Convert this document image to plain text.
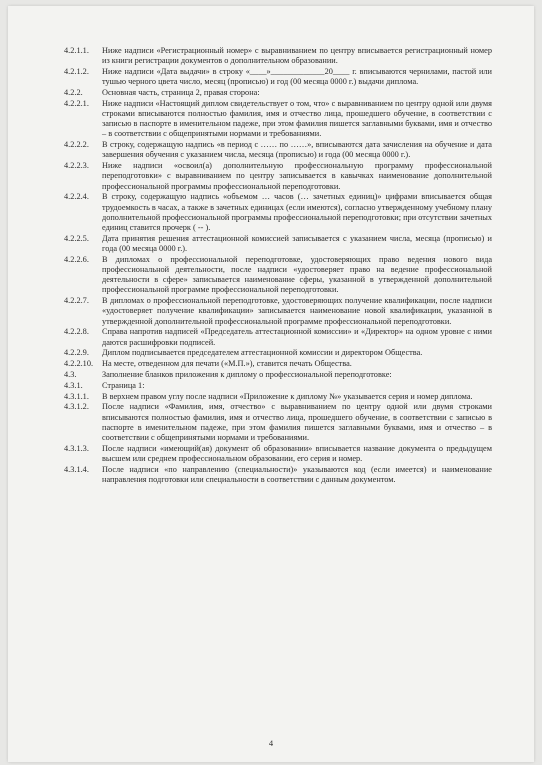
4.2.1.1.	Ниже надписи «Регистрационный номер» с выравниванием по центру вписывается регистрационный номер из книги регистрации документов о дополнительном образовании.
4.2.1.2.	Ниже надписи «Дата выдачи» в строку «____»_____________20____ г. вписываются чернилами, пастой или тушью черного цвета число, месяц (прописью) и год (00 месяца 0000 г.) выдачи диплома.
4.2.2.	Основная часть, страница 2, правая сторона:
4.2.2.1.	Ниже надписи «Настоящий диплом свидетельствует о том, что» с выравниванием по центру одной или двумя строками вписываются полностью фамилия, имя и отчество лица, прошедшего обучение, в соответствии с записью в паспорте в именительном падеже, при этом фамилия пишется заглавными буквами, имя и отчество – в соответствии с общепринятыми нормами и требованиями.
4.2.2.2.	В строку, содержащую надпись «в период с …… по ……», вписываются дата зачисления на обучение и дата завершения обучения с указанием числа, месяца (прописью) и года (00 месяца 0000 г.).
4.2.2.3.	Ниже надписи «освоил(а) дополнительную профессиональную программу профессиональной переподготовки» с выравниванием по центру записывается в кавычках наименование дополнительной профессиональной программы профессиональной переподготовки.
4.2.2.4.	В строку, содержащую надпись «объемом … часов (… зачетных единиц)» цифрами вписывается общая трудоемкость в часах, а также в зачетных единицах (если имеются), согласно утвержденному учебному плану дополнительной профессиональной программы профессиональной переподготовки; при отсутствии зачетных единиц ставится прочерк ( -- ).
4.2.2.5.	Дата принятия решения аттестационной комиссией записывается с указанием числа, месяца (прописью) и года (00 месяца 0000 г.).
4.2.2.6.	В дипломах о профессиональной переподготовке, удостоверяющих право ведения нового вида профессиональной деятельности, после надписи «удостоверяет право на ведение профессиональной деятельности в сфере» записывается наименование сферы, указанной в утвержденной дополнительной профессиональной программе профессиональной переподготовки.
4.2.2.7.	В дипломах о профессиональной переподготовке, удостоверяющих получение квалификации, после надписи «удостоверяет получение квалификации» записывается наименование новой квалификации, указанной в утвержденной дополнительной профессиональной программе профессиональной переподготовки.
4.2.2.8.	Справа напротив надписей «Председатель аттестационной комиссии» и «Директор» на одном уровне с ними даются расшифровки подписей.
4.2.2.9.	Диплом подписывается председателем аттестационной комиссии и директором Общества.
4.2.2.10.	На месте, отведенном для печати («М.П.»), ставится печать Общества.
4.3.	Заполнение бланков приложения к диплому о профессиональной переподготовке:
4.3.1.	Страница 1:
4.3.1.1.	В верхнем правом углу после надписи «Приложение к диплому №» указывается серия и номер диплома.
4.3.1.2.	После надписи «Фамилия, имя, отчество» с выравниванием по центру одной или двумя строками вписываются полностью фамилия, имя и отчество лица, прошедшего обучение, в соответствии с записью в паспорте в именительном падеже, при этом фамилия пишется заглавными буквами, имя и отчество – в соответствии с общепринятыми нормами и требованиями.
4.3.1.3.	После надписи «имеющий(ая) документ об образовании» вписывается название документа о предыдущем высшем или среднем профессиональном образовании, его серия и номер.
4.3.1.4.	После надписи «по направлению (специальности)» указываются код (если имеется) и наименование направления подготовки или специальности в соответствии с данным документом.
4
